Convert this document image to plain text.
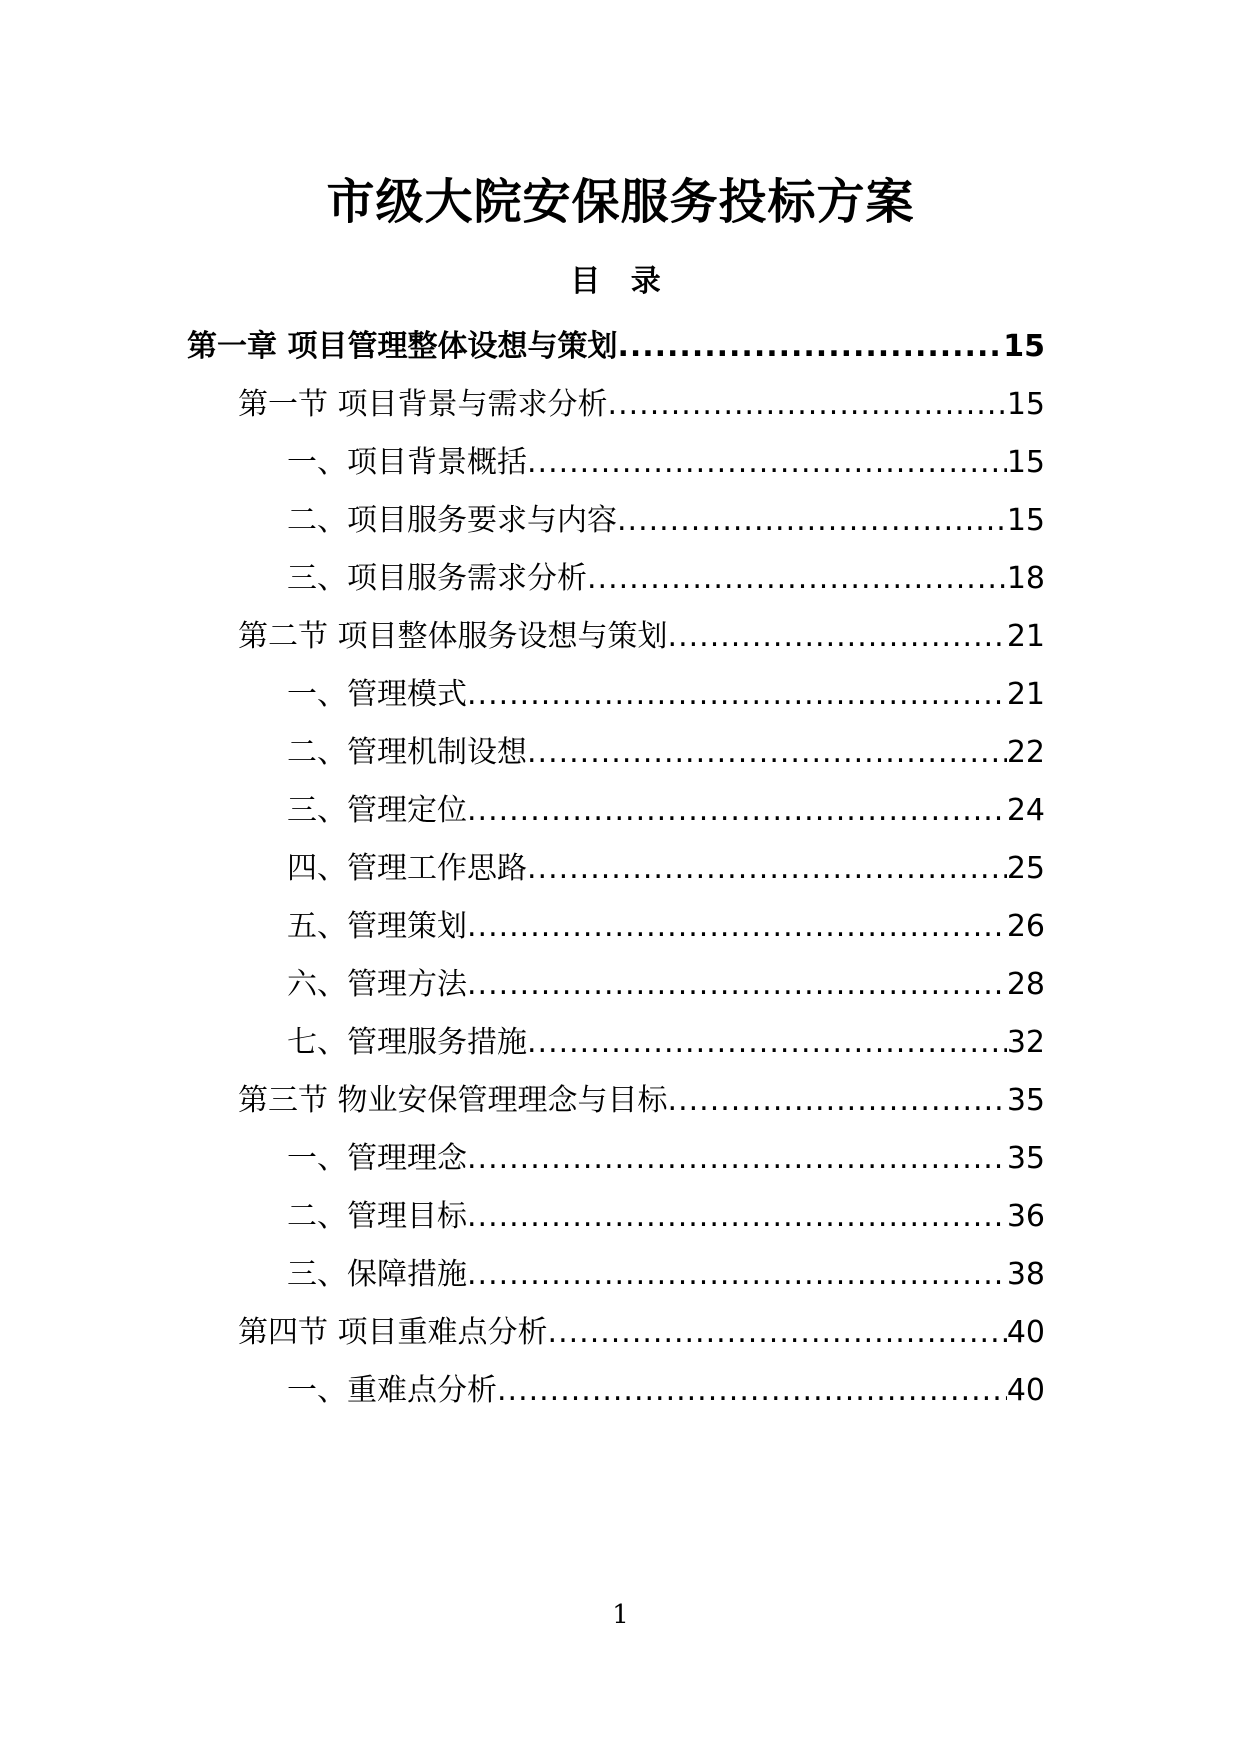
市级大院安保服务投标方案
目 录
第一章 项目管理整体设想与策划 .....	15
第一节 项目背景与需求分析 .....	15
一、项目背景概括 .....	15
二、项目服务要求与内容 .....	15
三、项目服务需求分析 .....	18
第二节 项目整体服务设想与策划 .....	21
一、管理模式 .....	21
二、管理机制设想 .....	22
三、管理定位 .....	24
四、管理工作思路 .....	25
五、管理策划 .....	26
六、管理方法 .....	28
七、管理服务措施 .....	32
第三节 物业安保管理理念与目标 .....	35
一、管理理念 .....	35
二、管理目标 .....	36
三、保障措施 .....	38
第四节 项目重难点分析 .....	40
一、重难点分析 .....	40
1
